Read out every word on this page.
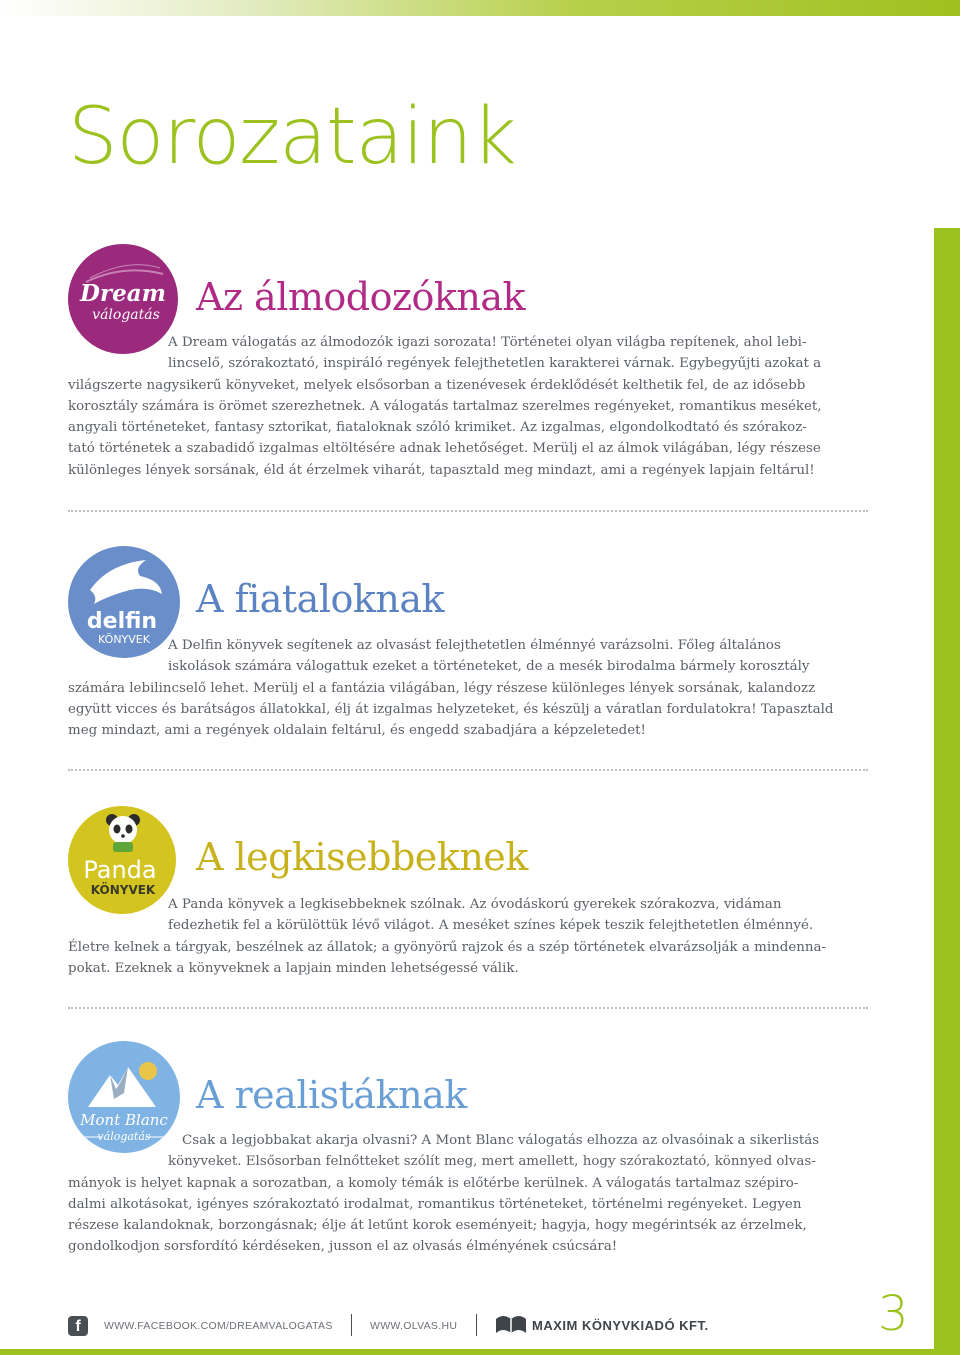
Sorozataink
Dream
válogatás Az álmodozóknak

A Dream válogatás az álmodozók igazi sorozata! Történetei olyan világba repítenek, ahol lebi-
lincselő, szórakoztató, inspiráló regények felejthetetlen karakterei várnak. Egybegyűjti azokat a
világszerte nagysikerű könyveket, melyek elsősorban a tizenévesek érdeklődését kelthetik fel, de az idősebb
korosztály számára is örömet szerezhetnek. A válogatás tartalmaz szerelmes regényeket, romantikus meséket,
angyali történeteket, fantasy sztorikat, fiataloknak szóló krimiket. Az izgalmas, elgondolkodtató és szórakoz-
tató történetek a szabadidő izgalmas eltöltésére adnak lehetőséget. Merülj el az álmok világában, légy részese
különleges lények sorsának, éld át érzelmek viharát, tapasztald meg mindazt, ami a regények lapjain feltárul!

delfin
KÖNYVEK
A fiataloknak

A Delfin könyvek segítenek az olvasást felejthetetlen élménnyé varázsolni. Főleg általános
iskolások számára válogattuk ezeket a történeteket, de a mesék birodalma bármely korosztály
számára lebilincselő lehet. Merülj el a fantázia világában, légy részese különleges lények sorsának, kalandozz
együtt vicces és barátságos állatokkal, élj át izgalmas helyzeteket, és készülj a váratlan fordulatokra! Tapasztald
meg mindazt, ami a regények oldalain feltárul, és engedd szabadjára a képzeletedet!

Panda
KÖNYVEK
A legkisebbeknek

A Panda könyvek a legkisebbeknek szólnak. Az óvodáskorú gyerekek szórakozva, vidáman
fedezhetik fel a körülöttük lévő világot. A meséket színes képek teszik felejthetetlen élménnyé.
Életre kelnek a tárgyak, beszélnek az állatok; a gyönyörű rajzok és a szép történetek elvarázsolják a mindenna-
pokat. Ezeknek a könyveknek a lapjain minden lehetségessé válik.

Mont Blanc
válogatás
A realistáknak

Csak a legjobbakat akarja olvasni? A Mont Blanc válogatás elhozza az olvasóinak a sikerlistás
könyveket. Elsősorban felnőtteket szólít meg, mert amellett, hogy szórakoztató, könnyed olvas-
mányok is helyet kapnak a sorozatban, a komoly témák is előtérbe kerülnek. A válogatás tartalmaz szépiro-
dalmi alkotásokat, igényes szórakoztató irodalmat, romantikus történeteket, történelmi regényeket. Legyen
részese kalandoknak, borzongásnak; élje át letűnt korok eseményeit; hagyja, hogy megérintsék az érzelmek,
gondolkodjon sorsfordító kérdéseken, jusson el az olvasás élményének csúcsára!

f	WWW.FACEBOOK.COM/DREAMVALOGATAS	WWW.OLVAS.HU	MAXIM KÖNYVKIADÓ KFT.	3
